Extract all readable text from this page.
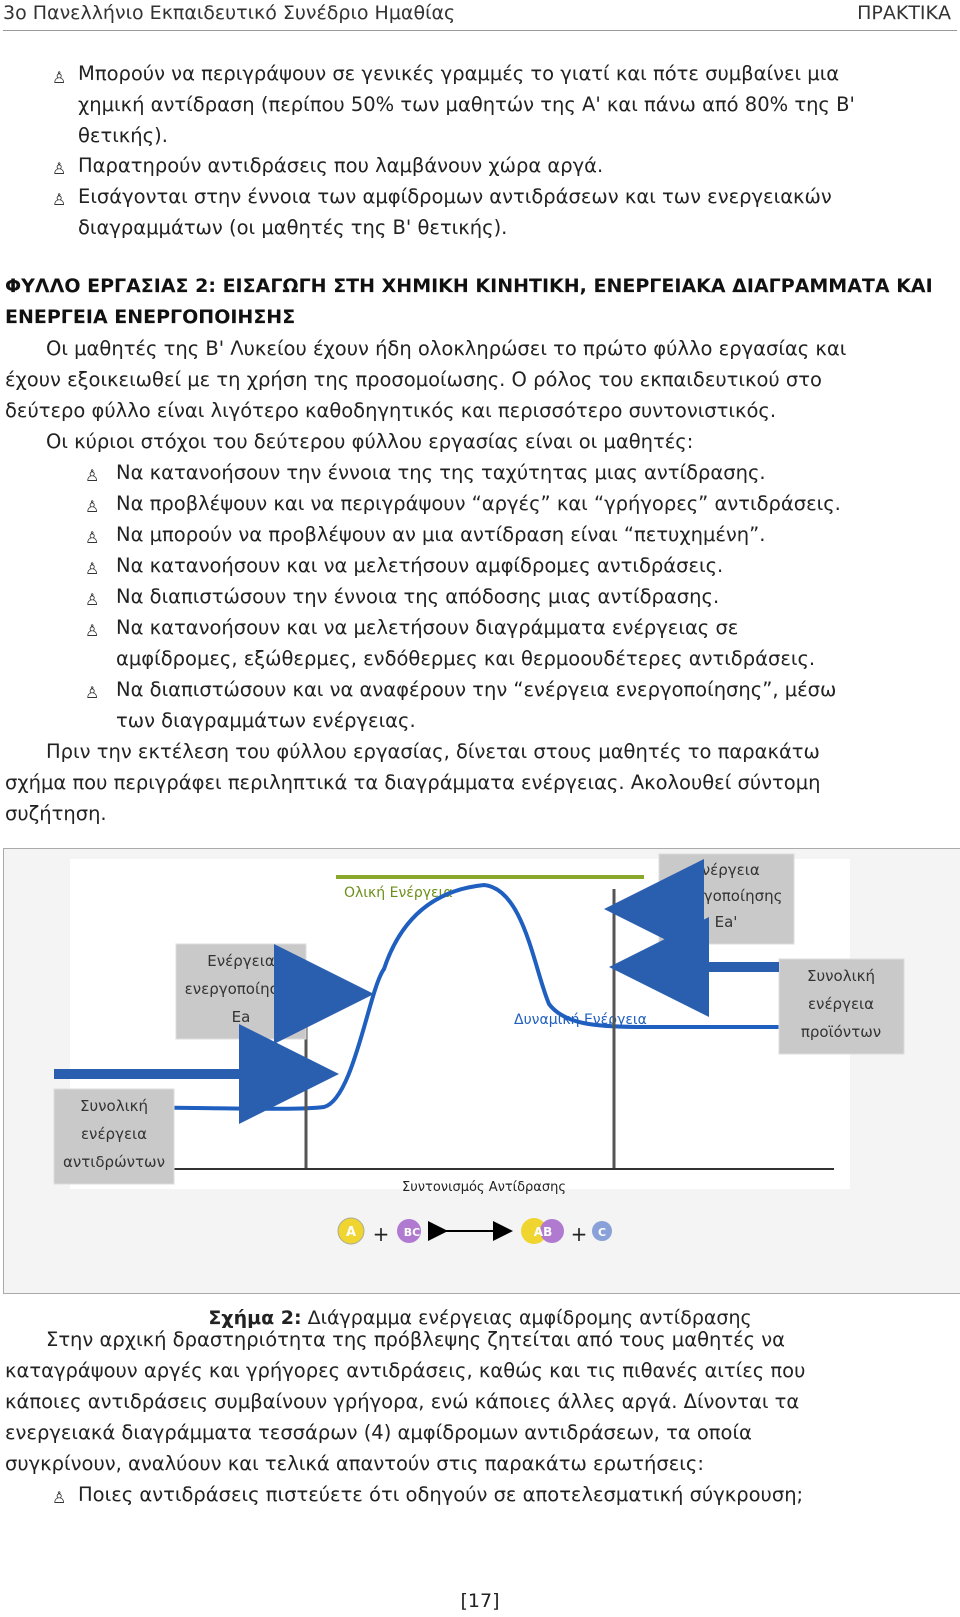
3ο Πανελλήνιο Εκπαιδευτικό Συνέδριο Ημαθίας	ΠΡΑΚΤΙΚΑ
♙ Μπορούν να περιγράψουν σε γενικές γραμμές το γιατί και πότε συμβαίνει μια
χημική αντίδραση (περίπου 50% των μαθητών της Α' και πάνω από 80% της Β'
θετικής).
♙ Παρατηρούν αντιδράσεις που λαμβάνουν χώρα αργά.
♙ Εισάγονται στην έννοια των αμφίδρομων αντιδράσεων και των ενεργειακών
διαγραμμάτων (οι μαθητές της Β' θετικής).
ΦΥΛΛΟ ΕΡΓΑΣΙΑΣ 2: ΕΙΣΑΓΩΓΗ ΣΤΗ ΧΗΜΙΚΗ ΚΙΝΗΤΙΚΗ, ΕΝΕΡΓΕΙΑΚΑ ΔΙΑΓΡΑΜΜΑΤΑ ΚΑΙ
ΕΝΕΡΓΕΙΑ ΕΝΕΡΓΟΠΟΙΗΣΗΣ
Οι μαθητές της Β' Λυκείου έχουν ήδη ολοκληρώσει το πρώτο φύλλο εργασίας και
έχουν εξοικειωθεί με τη χρήση της προσομοίωσης. Ο ρόλος του εκπαιδευτικού στο
δεύτερο φύλλο είναι λιγότερο καθοδηγητικός και περισσότερο συντονιστικός.
Οι κύριοι στόχοι του δεύτερου φύλλου εργασίας είναι οι μαθητές:
♙ Να κατανοήσουν την έννοια της της ταχύτητας μιας αντίδρασης.
♙ Να προβλέψουν και να περιγράψουν “αργές” και “γρήγορες” αντιδράσεις.
♙ Να μπορούν να προβλέψουν αν μια αντίδραση είναι “πετυχημένη”.
♙ Να κατανοήσουν και να μελετήσουν αμφίδρομες αντιδράσεις.
♙ Να διαπιστώσουν την έννοια της απόδοσης μιας αντίδρασης.
♙ Να κατανοήσουν και να μελετήσουν διαγράμματα ενέργειας σε
αμφίδρομες, εξώθερμες, ενδόθερμες και θερμοουδέτερες αντιδράσεις.
♙ Να διαπιστώσουν και να αναφέρουν την “ενέργεια ενεργοποίησης”, μέσω
των διαγραμμάτων ενέργειας.
Πριν την εκτέλεση του φύλλου εργασίας, δίνεται στους μαθητές το παρακάτω
σχήμα που περιγράφει περιληπτικά τα διαγράμματα ενέργειας. Ακολουθεί σύντομη
συζήτηση.
Ολική Ενέργεια
Δυναμική Ενέργεια
Συντονισμός Αντίδρασης
Ενέργεια
ενεργοποίησης
Ea
Ενέργεια
ενεργοποίησης
Ea'
Συνολική
ενέργεια
αντιδρώντων
Συνολική
ενέργεια
προϊόντων
A + BC	AB + C
Σχήμα 2: Διάγραμμα ενέργειας αμφίδρομης αντίδρασης
Στην αρχική δραστηριότητα της πρόβλεψης ζητείται από τους μαθητές να
καταγράψουν αργές και γρήγορες αντιδράσεις, καθώς και τις πιθανές αιτίες που
κάποιες αντιδράσεις συμβαίνουν γρήγορα, ενώ κάποιες άλλες αργά. Δίνονται τα
ενεργειακά διαγράμματα τεσσάρων (4) αμφίδρομων αντιδράσεων, τα οποία
συγκρίνουν, αναλύουν και τελικά απαντούν στις παρακάτω ερωτήσεις:
♙ Ποιες αντιδράσεις πιστεύετε ότι οδηγούν σε αποτελεσματική σύγκρουση;
[17]
